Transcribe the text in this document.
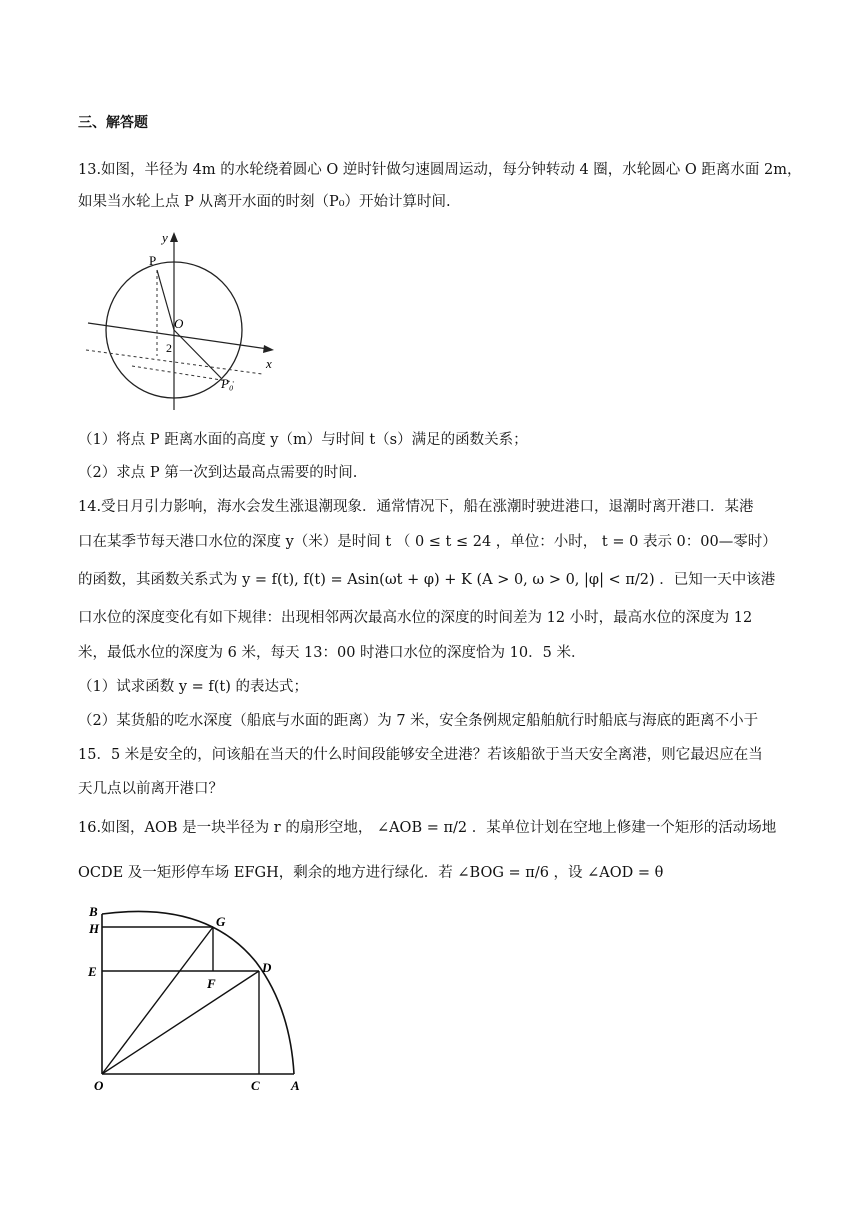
三、解答题
13.如图，半径为 4m 的水轮绕着圆心 O 逆时针做匀速圆周运动，每分钟转动 4 圈，水轮圆心 O 距离水面 2m，
如果当水轮上点 P 从离开水面的时刻（P₀）开始计算时间.
y
x
P
O
2
P₀
（1）将点 P 距离水面的高度 y（m）与时间 t（s）满足的函数关系；
（2）求点 P 第一次到达最高点需要的时间.
14.受日月引力影响，海水会发生涨退潮现象．通常情况下，船在涨潮时驶进港口，退潮时离开港口．某港
口在某季节每天港口水位的深度 y（米）是时间 t （ 0 ≤ t ≤ 24 ，单位：小时， t = 0 表示 0：00—零时）
的函数，其函数关系式为 y = f(t), f(t) = Asin(ωt + φ) + K (A > 0, ω > 0, |φ| < π/2) ．已知一天中该港
口水位的深度变化有如下规律：出现相邻两次最高水位的深度的时间差为 12 小时，最高水位的深度为 12
米，最低水位的深度为 6 米，每天 13：00 时港口水位的深度恰为 10．5 米．
（1）试求函数 y = f(t) 的表达式；
（2）某货船的吃水深度（船底与水面的距离）为 7 米，安全条例规定船舶航行时船底与海底的距离不小于
15．5 米是安全的，问该船在当天的什么时间段能够安全进港？若该船欲于当天安全离港，则它最迟应在当
天几点以前离开港口？
16.如图，AOB 是一块半径为 r 的扇形空地， ∠AOB = π/2 ．某单位计划在空地上修建一个矩形的活动场地
OCDE 及一矩形停车场 EFGH，剩余的地方进行绿化．若 ∠BOG = π/6 ，设 ∠AOD = θ
B
H	G
E	D
F
O	C A
